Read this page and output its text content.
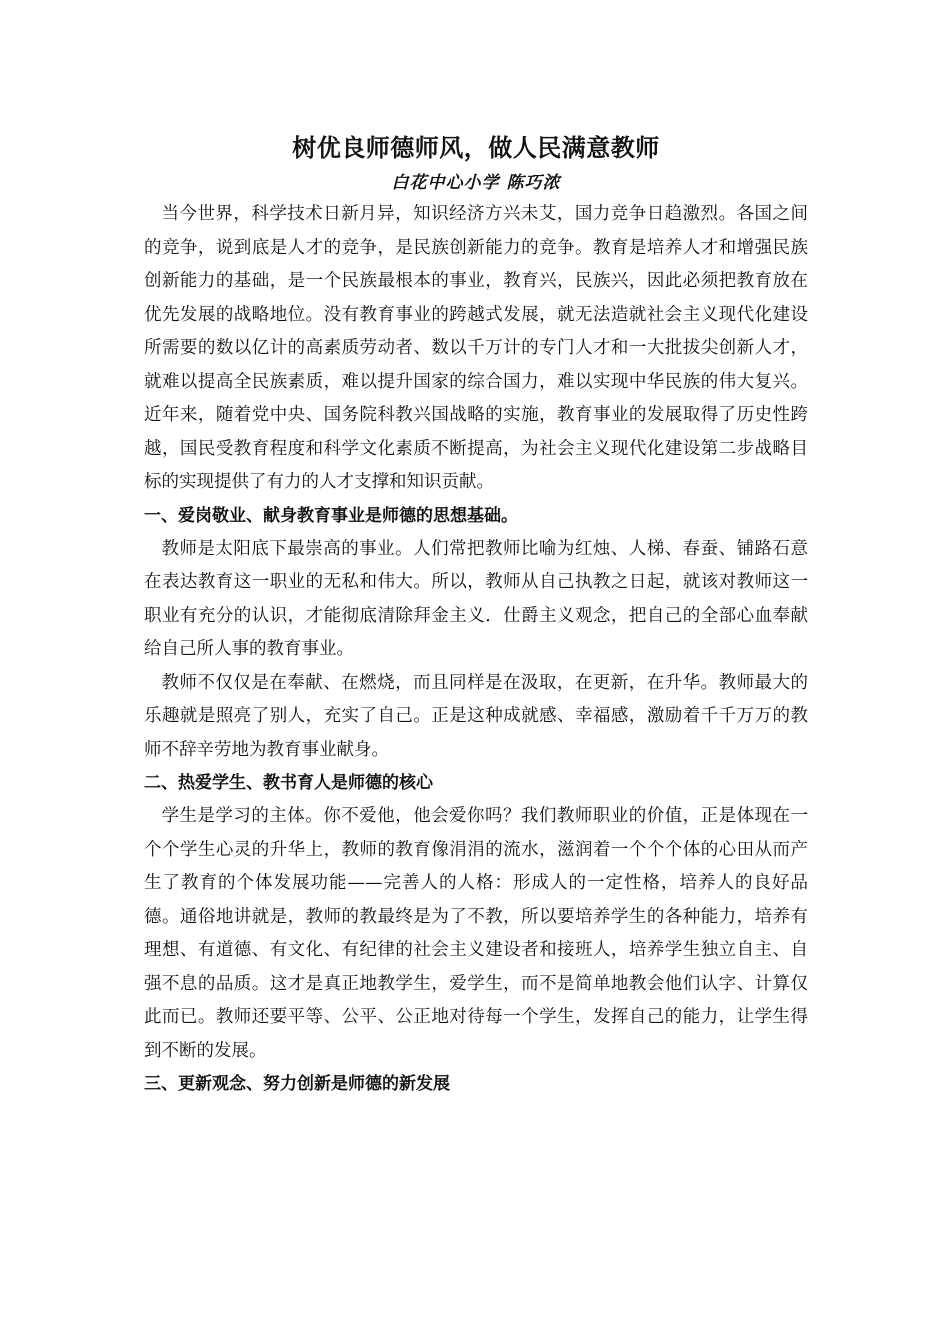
树优良师德师风，做人民满意教师

白花中心小学 陈巧浓

当今世界，科学技术日新月异，知识经济方兴未艾，国力竞争日趋激烈。各国之间的竞争，说到底是人才的竞争，是民族创新能力的竞争。教育是培养人才和增强民族创新能力的基础，是一个民族最根本的事业，教育兴，民族兴，因此必须把教育放在优先发展的战略地位。没有教育事业的跨越式发展，就无法造就社会主义现代化建设所需要的数以亿计的高素质劳动者、数以千万计的专门人才和一大批拔尖创新人才，就难以提高全民族素质，难以提升国家的综合国力，难以实现中华民族的伟大复兴。近年来，随着党中央、国务院科教兴国战略的实施，教育事业的发展取得了历史性跨越，国民受教育程度和科学文化素质不断提高，为社会主义现代化建设第二步战略目标的实现提供了有力的人才支撑和知识贡献。

一、爱岗敬业、献身教育事业是师德的思想基础。

教师是太阳底下最崇高的事业。人们常把教师比喻为红烛、人梯、春蚕、铺路石意在表达教育这一职业的无私和伟大。所以，教师从自己执教之日起，就该对教师这一职业有充分的认识，才能彻底清除拜金主义．仕爵主义观念，把自己的全部心血奉献给自己所人事的教育事业。

教师不仅仅是在奉献、在燃烧，而且同样是在汲取，在更新，在升华。教师最大的乐趣就是照亮了别人，充实了自己。正是这种成就感、幸福感，激励着千千万万的教师不辞辛劳地为教育事业献身。

二、热爱学生、教书育人是师德的核心

学生是学习的主体。你不爱他，他会爱你吗？我们教师职业的价值，正是体现在一个个学生心灵的升华上，教师的教育像涓涓的流水，滋润着一个个个体的心田从而产生了教育的个体发展功能——完善人的人格：形成人的一定性格，培养人的良好品德。通俗地讲就是，教师的教最终是为了不教，所以要培养学生的各种能力，培养有理想、有道德、有文化、有纪律的社会主义建设者和接班人，培养学生独立自主、自强不息的品质。这才是真正地教学生，爱学生，而不是简单地教会他们认字、计算仅此而已。教师还要平等、公平、公正地对待每一个学生，发挥自己的能力，让学生得到不断的发展。

三、更新观念、努力创新是师德的新发展
